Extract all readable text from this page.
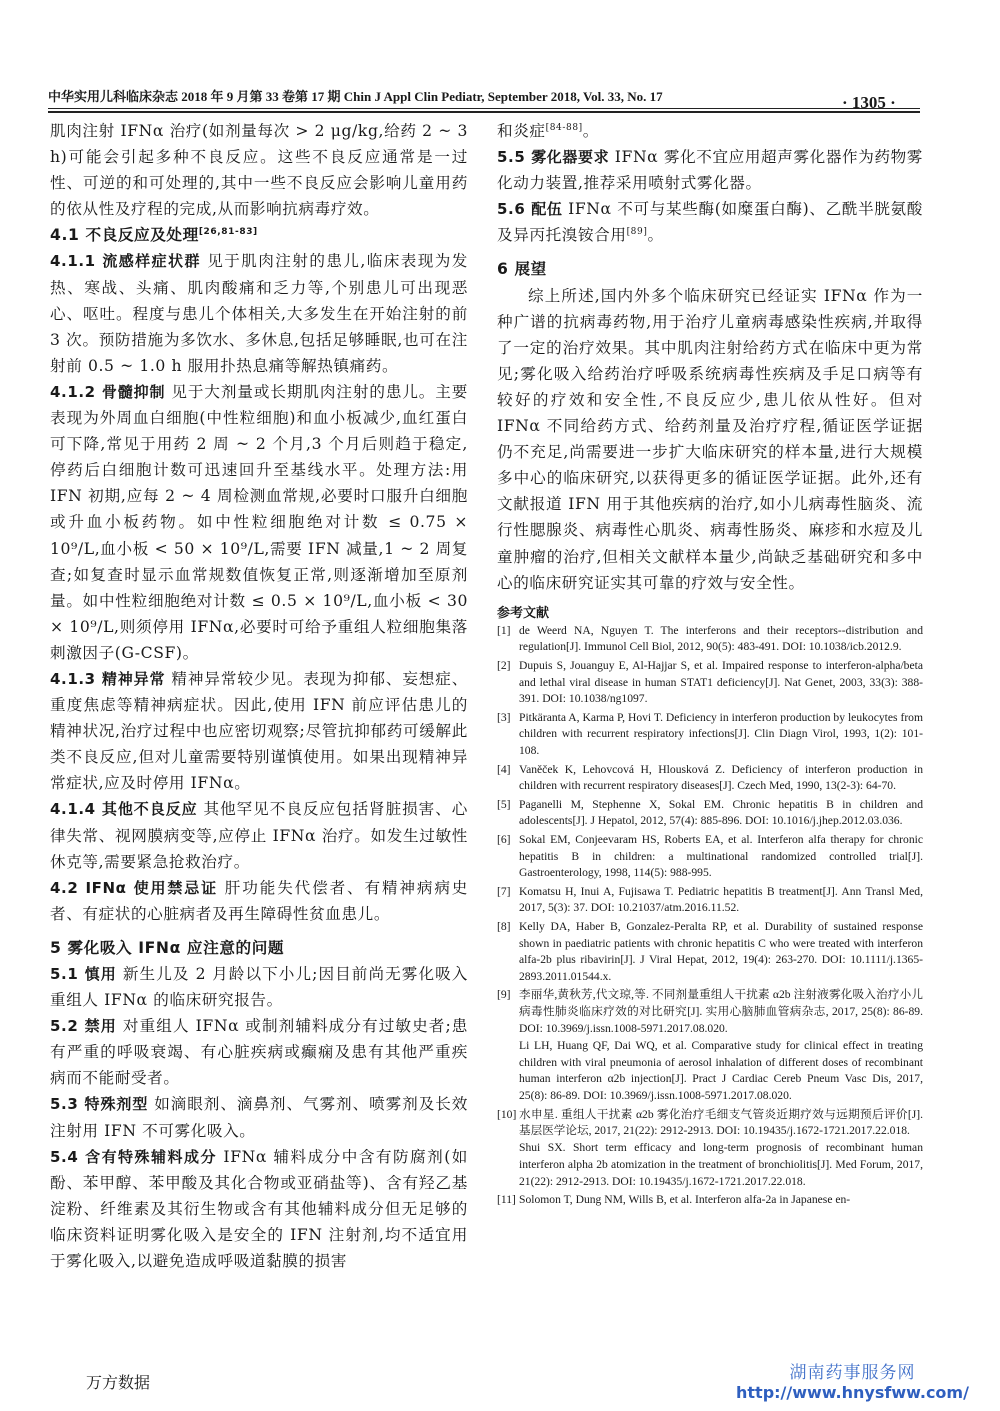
中华实用儿科临床杂志 2018 年 9 月第 33 卷第 17 期 Chin J Appl Clin Pediatr, September 2018, Vol. 33, No. 17	· 1305 ·

肌肉注射 IFNα 治疗(如剂量每次 > 2 μg/kg,给药 2 ~ 3 h)可能会引起多种不良反应。这些不良反应通常是一过性、可逆的和可处理的,其中一些不良反应会影响儿童用药的依从性及疗程的完成,从而影响抗病毒疗效。

4.1 不良反应及处理[26,81-83]

4.1.1 流感样症状群 见于肌肉注射的患儿,临床表现为发热、寒战、头痛、肌肉酸痛和乏力等,个别患儿可出现恶心、呕吐。程度与患儿个体相关,大多发生在开始注射的前 3 次。预防措施为多饮水、多休息,包括足够睡眠,也可在注射前 0.5 ~ 1.0 h 服用扑热息痛等解热镇痛药。

4.1.2 骨髓抑制 见于大剂量或长期肌肉注射的患儿。主要表现为外周血白细胞(中性粒细胞)和血小板减少,血红蛋白可下降,常见于用药 2 周 ~ 2 个月,3 个月后则趋于稳定,停药后白细胞计数可迅速回升至基线水平。处理方法:用 IFN 初期,应每 2 ~ 4 周检测血常规,必要时口服升白细胞或升血小板药物。如中性粒细胞绝对计数 ≤ 0.75 × 10⁹/L,血小板 < 50 × 10⁹/L,需要 IFN 减量,1 ~ 2 周复查;如复查时显示血常规数值恢复正常,则逐渐增加至原剂量。如中性粒细胞绝对计数 ≤ 0.5 × 10⁹/L,血小板 < 30 × 10⁹/L,则须停用 IFNα,必要时可给予重组人粒细胞集落刺激因子(G-CSF)。

4.1.3 精神异常 精神异常较少见。表现为抑郁、妄想症、重度焦虑等精神病症状。因此,使用 IFN 前应评估患儿的精神状况,治疗过程中也应密切观察;尽管抗抑郁药可缓解此类不良反应,但对儿童需要特别谨慎使用。如果出现精神异常症状,应及时停用 IFNα。

4.1.4 其他不良反应 其他罕见不良反应包括肾脏损害、心律失常、视网膜病变等,应停止 IFNα 治疗。如发生过敏性休克等,需要紧急抢救治疗。

4.2 IFNα 使用禁忌证 肝功能失代偿者、有精神病病史者、有症状的心脏病者及再生障碍性贫血患儿。

5 雾化吸入 IFNα 应注意的问题

5.1 慎用 新生儿及 2 月龄以下小儿;因目前尚无雾化吸入重组人 IFNα 的临床研究报告。

5.2 禁用 对重组人 IFNα 或制剂辅料成分有过敏史者;患有严重的呼吸衰竭、有心脏疾病或癫痫及患有其他严重疾病而不能耐受者。

5.3 特殊剂型 如滴眼剂、滴鼻剂、气雾剂、喷雾剂及长效注射用 IFN 不可雾化吸入。

5.4 含有特殊辅料成分 IFNα 辅料成分中含有防腐剂(如酚、苯甲醇、苯甲酸及其化合物或亚硝盐等)、含有羟乙基淀粉、纤维素及其衍生物或含有其他辅料成分但无足够的临床资料证明雾化吸入是安全的 IFN 注射剂,均不适宜用于雾化吸入,以避免造成呼吸道黏膜的损害

和炎症[84-88]。

5.5 雾化器要求 IFNα 雾化不宜应用超声雾化器作为药物雾化动力装置,推荐采用喷射式雾化器。

5.6 配伍 IFNα 不可与某些酶(如糜蛋白酶)、乙酰半胱氨酸及异丙托溴铵合用[89]。

6 展望

综上所述,国内外多个临床研究已经证实 IFNα 作为一种广谱的抗病毒药物,用于治疗儿童病毒感染性疾病,并取得了一定的治疗效果。其中肌肉注射给药方式在临床中更为常见;雾化吸入给药治疗呼吸系统病毒性疾病及手足口病等有较好的疗效和安全性,不良反应少,患儿依从性好。但对 IFNα 不同给药方式、给药剂量及治疗疗程,循证医学证据仍不充足,尚需要进一步扩大临床研究的样本量,进行大规模多中心的临床研究,以获得更多的循证医学证据。此外,还有文献报道 IFN 用于其他疾病的治疗,如小儿病毒性脑炎、流行性腮腺炎、病毒性心肌炎、病毒性肠炎、麻疹和水痘及儿童肿瘤的治疗,但相关文献样本量少,尚缺乏基础研究和多中心的临床研究证实其可靠的疗效与安全性。

参考文献

[1] de Weerd NA, Nguyen T. The interferons and their receptors--distribution and regulation[J]. Immunol Cell Biol, 2012, 90(5): 483-491. DOI: 10.1038/icb.2012.9.

[2] Dupuis S, Jouanguy E, Al-Hajjar S, et al. Impaired response to interferon-alpha/beta and lethal viral disease in human STAT1 deficiency[J]. Nat Genet, 2003, 33(3): 388-391. DOI: 10.1038/ng1097.

[3] Pitkäranta A, Karma P, Hovi T. Deficiency in interferon production by leukocytes from children with recurrent respiratory infections[J]. Clin Diagn Virol, 1993, 1(2): 101-108.

[4] Vaněček K, Lehovcová H, Hlousková Z. Deficiency of interferon production in children with recurrent respiratory diseases[J]. Czech Med, 1990, 13(2-3): 64-70.

[5] Paganelli M, Stephenne X, Sokal EM. Chronic hepatitis B in children and adolescents[J]. J Hepatol, 2012, 57(4): 885-896. DOI: 10.1016/j.jhep.2012.03.036.

[6] Sokal EM, Conjeevaram HS, Roberts EA, et al. Interferon alfa therapy for chronic hepatitis B in children: a multinational randomized controlled trial[J]. Gastroenterology, 1998, 114(5): 988-995.

[7] Komatsu H, Inui A, Fujisawa T. Pediatric hepatitis B treatment[J]. Ann Transl Med, 2017, 5(3): 37. DOI: 10.21037/atm.2016.11.52.

[8] Kelly DA, Haber B, Gonzalez-Peralta RP, et al. Durability of sustained response shown in paediatric patients with chronic hepatitis C who were treated with interferon alfa-2b plus ribavirin[J]. J Viral Hepat, 2012, 19(4): 263-270. DOI: 10.1111/j.1365-2893.2011.01544.x.

[9] 李丽华,黄秋芳,代文琼,等. 不同剂量重组人干扰素 α2b 注射液雾化吸入治疗小儿病毒性肺炎临床疗效的对比研究[J]. 实用心脑肺血管病杂志, 2017, 25(8): 86-89. DOI: 10.3969/j.issn.1008-5971.2017.08.020.
Li LH, Huang QF, Dai WQ, et al. Comparative study for clinical effect in treating children with viral pneumonia of aerosol inhalation of different doses of recombinant human interferon α2b injection[J]. Pract J Cardiac Cereb Pneum Vasc Dis, 2017, 25(8): 86-89. DOI: 10.3969/j.issn.1008-5971.2017.08.020.

[10] 水申星. 重组人干扰素 α2b 雾化治疗毛细支气管炎近期疗效与远期预后评价[J]. 基层医学论坛, 2017, 21(22): 2912-2913. DOI: 10.19435/j.1672-1721.2017.22.018.
Shui SX. Short term efficacy and long-term prognosis of recombinant human interferon alpha 2b atomization in the treatment of bronchiolitis[J]. Med Forum, 2017, 21(22): 2912-2913. DOI: 10.19435/j.1672-1721.2017.22.018.

[11] Solomon T, Dung NM, Wills B, et al. Interferon alfa-2a in Japanese en-

万方数据	湖南药事服务网
http://www.hnysfww.com/
